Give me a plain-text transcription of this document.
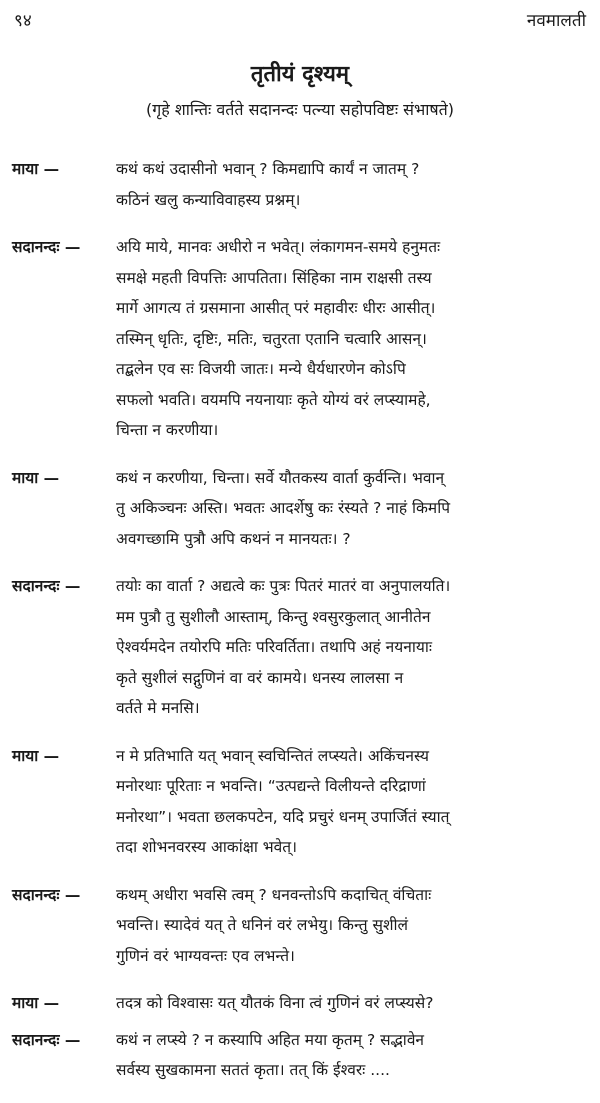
९४	नवमालती
तृतीयं दृश्यम्
(गृहे शान्तिः वर्तते सदानन्दः पत्न्या सहोपविष्टः संभाषते)
माया —	कथं कथं उदासीनो भवान् ? किमद्यापि कार्यं न जातम् ?
कठिनं खलु कन्याविवाहस्य प्रश्नम्।
सदानन्दः —	अयि माये, मानवः अधीरो न भवेत्। लंकागमन-समये हनुमतः
समक्षे महती विपत्तिः आपतिता। सिंहिका नाम राक्षसी तस्य
मार्गे आगत्य तं ग्रसमाना आसीत् परं महावीरः धीरः आसीत्।
तस्मिन् धृतिः, दृष्टिः, मतिः, चतुरता एतानि चत्वारि आसन्।
तद्बलेन एव सः विजयी जातः। मन्ये धैर्यधारणेन कोऽपि
सफलो भवति। वयमपि नयनायाः कृते योग्यं वरं लप्स्यामहे,
चिन्ता न करणीया।
माया —	कथं न करणीया, चिन्ता। सर्वे यौतकस्य वार्ता कुर्वन्ति। भवान्
तु अकिञ्चनः अस्ति। भवतः आदर्शेषु कः रंस्यते ? नाहं किमपि
अवगच्छामि पुत्रौ अपि कथनं न मानयतः। ?
सदानन्दः —	तयोः का वार्ता ? अद्यत्वे कः पुत्रः पितरं मातरं वा अनुपालयति।
मम पुत्रौ तु सुशीलौ आस्ताम्, किन्तु श्वसुरकुलात् आनीतेन
ऐश्वर्यमदेन तयोरपि मतिः परिवर्तिता। तथापि अहं नयनायाः
कृते सुशीलं सद्गुणिनं वा वरं कामये। धनस्य लालसा न
वर्तते मे मनसि।
माया —	न मे प्रतिभाति यत् भवान् स्वचिन्तितं लप्स्यते। अकिंचनस्य
मनोरथाः पूरिताः न भवन्ति। “उत्पद्यन्ते विलीयन्ते दरिद्राणां
मनोरथा”। भवता छलकपटेन, यदि प्रचुरं धनम् उपार्जितं स्यात्
तदा शोभनवरस्य आकांक्षा भवेत्।
सदानन्दः —	कथम् अधीरा भवसि त्वम् ? धनवन्तोऽपि कदाचित् वंचिताः
भवन्ति। स्यादेवं यत् ते धनिनं वरं लभेयु। किन्तु सुशीलं
गुणिनं वरं भाग्यवन्तः एव लभन्ते।
माया —	तदत्र को विश्वासः यत् यौतकं विना त्वं गुणिनं वरं लप्स्यसे?
सदानन्दः —	कथं न लप्स्ये ? न कस्यापि अहित मया कृतम् ? सद्भावेन
सर्वस्य सुखकामना सततं कृता। तत् किं ईश्वरः ....
